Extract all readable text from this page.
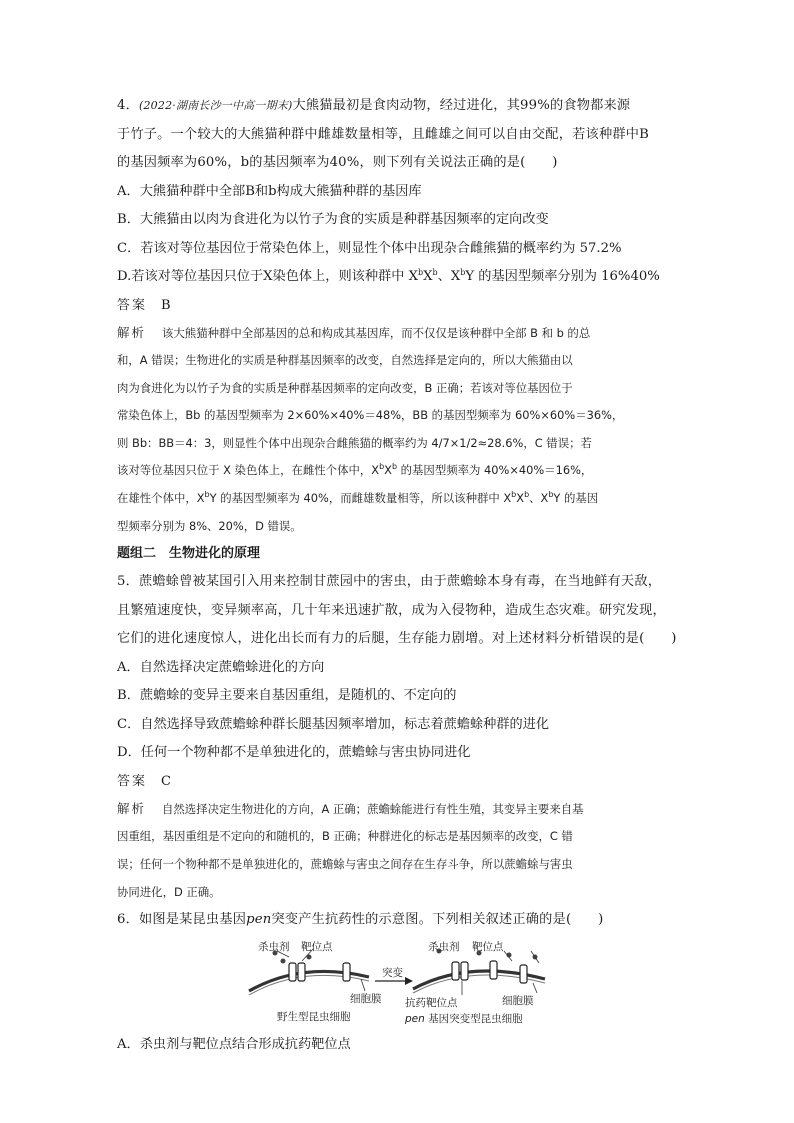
4．(2022·湖南长沙一中高一期末)大熊猫最初是食肉动物，经过进化，其99%的食物都来源

于竹子。一个较大的大熊猫种群中雌雄数量相等，且雌雄之间可以自由交配，若该种群中B

的基因频率为60%，b的基因频率为40%，则下列有关说法正确的是(　　)

A．大熊猫种群中全部B和b构成大熊猫种群的基因库

B．大熊猫由以肉为食进化为以竹子为食的实质是种群基因频率的定向改变

C．若该对等位基因位于常染色体上，则显性个体中出现杂合雌熊猫的概率约为 57.2%

D.若该对等位基因只位于X染色体上，则该种群中 $X^bX^b$、$X^bY$ 的基因型频率分别为 16%40%

答案 B

解析 该大熊猫种群中全部基因的总和构成其基因库，而不仅仅是该种群中全部 B 和 b 的总

和，A 错误；生物进化的实质是种群基因频率的改变，自然选择是定向的，所以大熊猫由以

肉为食进化为以竹子为食的实质是种群基因频率的定向改变，B 正确；若该对等位基因位于

常染色体上，Bb 的基因型频率为 2×60%×40%＝48%，BB 的基因型频率为 60%×60%＝36%，

则 Bb：BB＝4：3，则显性个体中出现杂合雌熊猫的概率约为 4/7×1/2≈28.6%，C 错误；若

该对等位基因只位于 X 染色体上，在雌性个体中，$X^bX^b$ 的基因型频率为 40%×40%＝16%，

在雄性个体中，$X^bY$ 的基因型频率为 40%，而雌雄数量相等，所以该种群中 $X^bX^b$、$X^bY$ 的基因

型频率分别为 8%、20%，D 错误。

题组二　生物进化的原理

5．蔗蟾蜍曾被某国引入用来控制甘蔗园中的害虫，由于蔗蟾蜍本身有毒，在当地鲜有天敌，

且繁殖速度快，变异频率高，几十年来迅速扩散，成为入侵物种，造成生态灾难。研究发现，

它们的进化速度惊人，进化出长而有力的后腿，生存能力剧增。对上述材料分析错误的是(　　)

A．自然选择决定蔗蟾蜍进化的方向

B．蔗蟾蜍的变异主要来自基因重组，是随机的、不定向的

C．自然选择导致蔗蟾蜍种群长腿基因频率增加，标志着蔗蟾蜍种群的进化

D．任何一个物种都不是单独进化的，蔗蟾蜍与害虫协同进化

答案 C

解析 自然选择决定生物进化的方向，A 正确；蔗蟾蜍能进行有性生殖，其变异主要来自基

因重组，基因重组是不定向的和随机的，B 正确；种群进化的标志是基因频率的改变，C 错

误；任何一个物种都不是单独进化的，蔗蟾蜍与害虫之间存在生存斗争，所以蔗蟾蜍与害虫

协同进化，D 正确。

6．如图是某昆虫基因pen突变产生抗药性的示意图。下列相关叙述正确的是(　　)

杀虫剂 靶位点
突变
杀虫剂 靶位点
细胞膜
野生型昆虫细胞
抗药靶位点	细胞膜
pen 基因突变型昆虫细胞

A．杀虫剂与靶位点结合形成抗药靶位点
